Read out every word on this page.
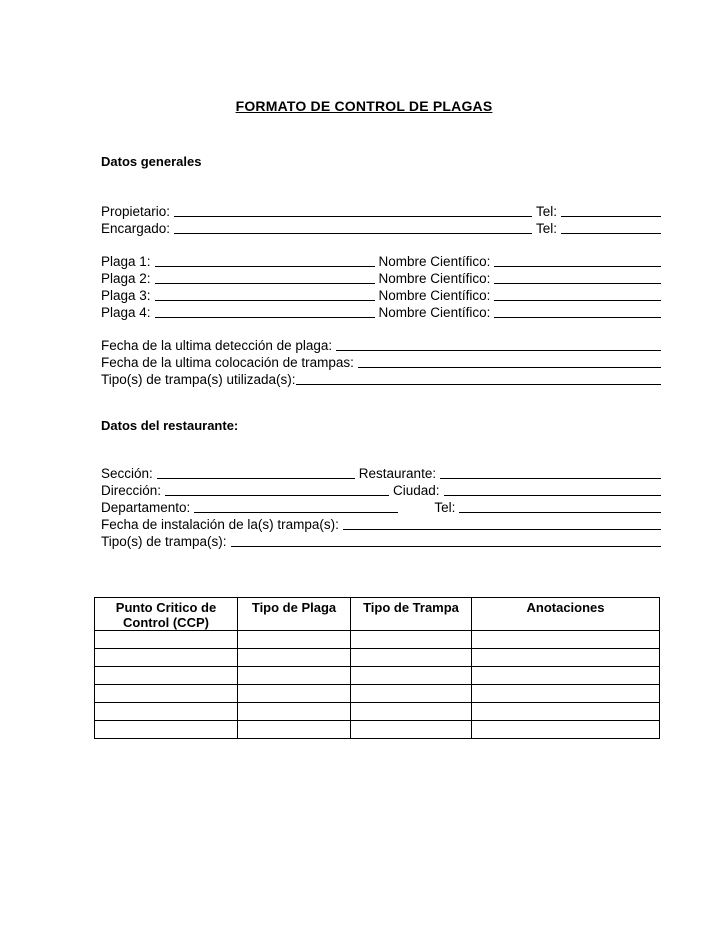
FORMATO DE CONTROL DE PLAGAS
Datos generales
Propietario:	Tel:
Encargado:	Tel:
Plaga 1:	Nombre Científico:
Plaga 2:	Nombre Científico:
Plaga 3:	Nombre Científico:
Plaga 4:	Nombre Científico:
Fecha de la ultima detección de plaga:
Fecha de la ultima colocación de trampas:
Tipo(s) de trampa(s) utilizada(s):
Datos del restaurante:
Sección:	Restaurante:
Dirección:	Ciudad:
Departamento:	Tel:
Fecha de instalación de la(s) trampa(s):
Tipo(s) de trampa(s):
Punto Critico de Control (CCP)	Tipo de Plaga	Tipo de Trampa	Anotaciones
